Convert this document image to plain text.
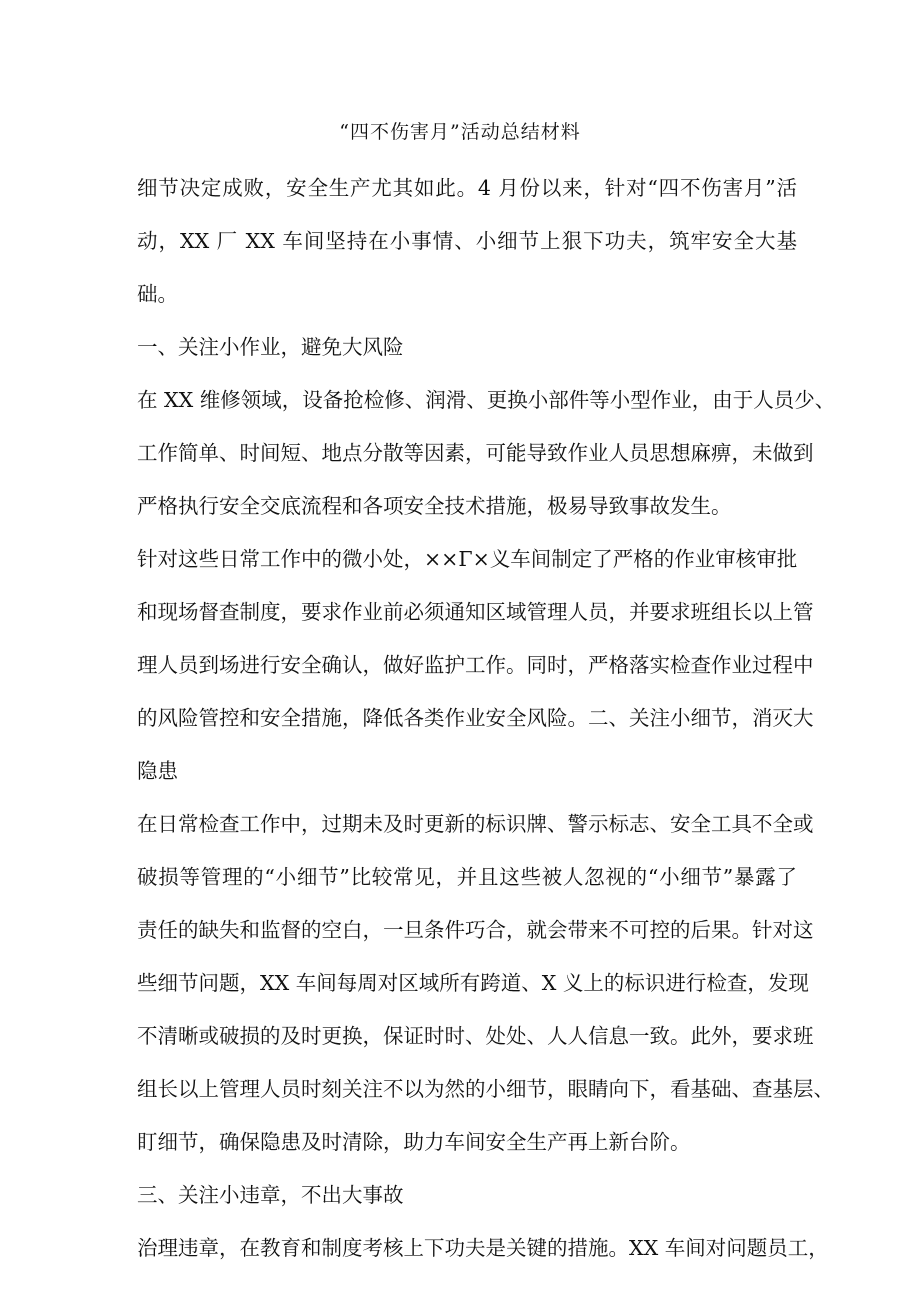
“四不伤害月”活动总结材料
细节决定成败，安全生产尤其如此。4 月份以来，针对“四不伤害月”活
动，XX 厂 XX 车间坚持在小事情、小细节上狠下功夫，筑牢安全大基
础。
一、关注小作业，避免大风险
在 XX 维修领域，设备抢检修、润滑、更换小部件等小型作业，由于人员少、
工作简单、时间短、地点分散等因素，可能导致作业人员思想麻痹，未做到
严格执行安全交底流程和各项安全技术措施，极易导致事故发生。
针对这些日常工作中的微小处，××Γ×义车间制定了严格的作业审核审批
和现场督查制度，要求作业前必须通知区域管理人员，并要求班组长以上管
理人员到场进行安全确认，做好监护工作。同时，严格落实检查作业过程中
的风险管控和安全措施，降低各类作业安全风险。二、关注小细节，消灭大
隐患
在日常检查工作中，过期未及时更新的标识牌、警示标志、安全工具不全或
破损等管理的“小细节”比较常见，并且这些被人忽视的“小细节”暴露了
责任的缺失和监督的空白，一旦条件巧合，就会带来不可控的后果。针对这
些细节问题，XX 车间每周对区域所有跨道、X 义上的标识进行检查，发现
不清晰或破损的及时更换，保证时时、处处、人人信息一致。此外，要求班
组长以上管理人员时刻关注不以为然的小细节，眼睛向下，看基础、查基层、
盯细节，确保隐患及时清除，助力车间安全生产再上新台阶。
三、关注小违章，不出大事故
治理违章，在教育和制度考核上下功夫是关键的措施。XX 车间对问题员工，
